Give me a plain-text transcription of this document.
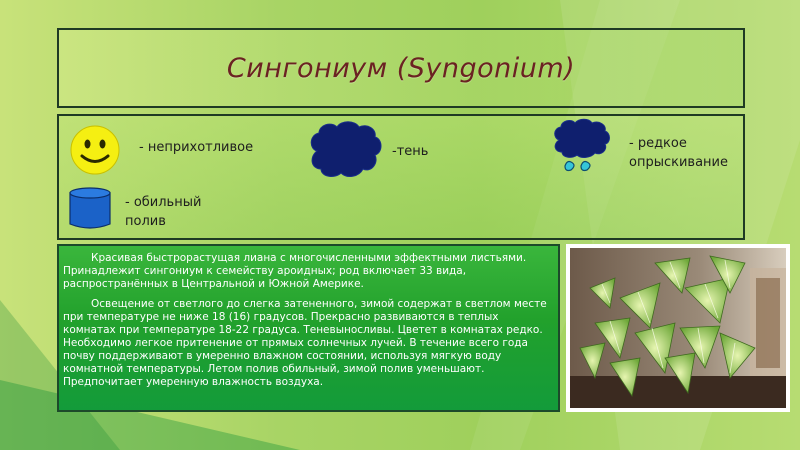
Сингониум (Syngonium)
- неприхотливое	-тень
- редкое
опрыскивание
- обильный
полив

Красивая быстрорастущая лиана с многочисленными эффектными листьями. Принадлежит сингониум к семейству ароидных; род включает 33 вида, распространённых в Центральной и Южной Америке.

Освещение от светлого до слегка затененного, зимой содержат в светлом месте при температуре не ниже 18 (16) градусов. Прекрасно развиваются в теплых комнатах при температуре 18-22 градуса. Теневыносливы. Цветет в комнатах редко. Необходимо легкое притенение от прямых солнечных лучей. В течение всего года почву поддерживают в умеренно влажном состоянии, используя мягкую воду комнатной температуры. Летом полив обильный, зимой полив уменьшают. Предпочитает умеренную влажность воздуха.
